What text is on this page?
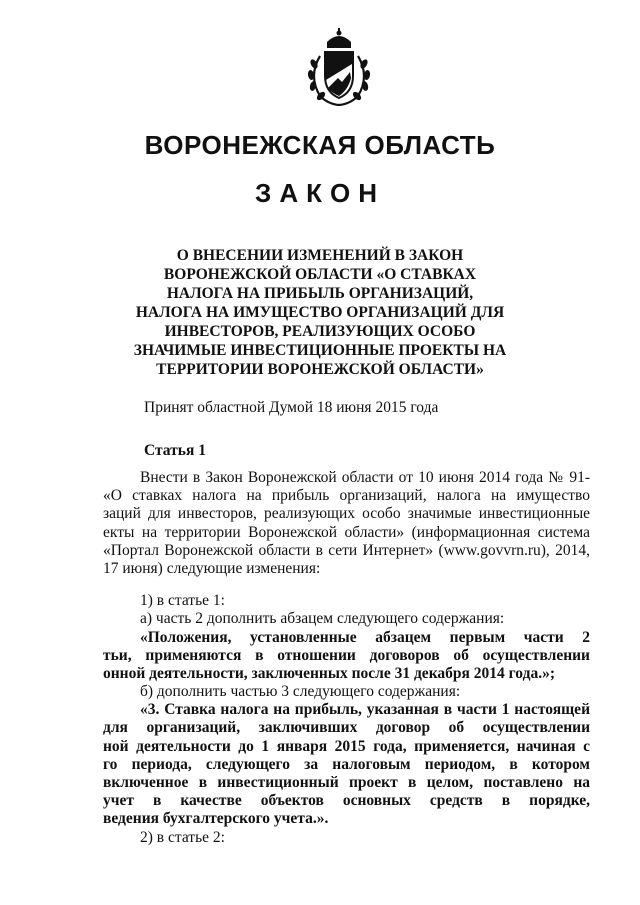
ВОРОНЕЖСКАЯ ОБЛАСТЬ
ЗАКОН
О ВНЕСЕНИИ ИЗМЕНЕНИЙ В ЗАКОН
ВОРОНЕЖСКОЙ ОБЛАСТИ «О СТАВКАХ
НАЛОГА НА ПРИБЫЛЬ ОРГАНИЗАЦИЙ,
НАЛОГА НА ИМУЩЕСТВО ОРГАНИЗАЦИЙ ДЛЯ
ИНВЕСТОРОВ, РЕАЛИЗУЮЩИХ ОСОБО
ЗНАЧИМЫЕ ИНВЕСТИЦИОННЫЕ ПРОЕКТЫ НА
ТЕРРИТОРИИ ВОРОНЕЖСКОЙ ОБЛАСТИ»
Принят областной Думой 18 июня 2015 года
Статья 1
Внести в Закон Воронежской области от 10 июня 2014 года № 91-
«О ставках налога на прибыль организаций, налога на имущество
заций для инвесторов, реализующих особо значимые инвестиционные
екты на территории Воронежской области» (информационная система
«Портал Воронежской области в сети Интернет» (www.govvrn.ru), 2014,
17 июня) следующие изменения:
1) в статье 1:
а) часть 2 дополнить абзацем следующего содержания:
«Положения, установленные абзацем первым части 2
тьи, применяются в отношении договоров об осуществлении
онной деятельности, заключенных после 31 декабря 2014 года.»;
б) дополнить частью 3 следующего содержания:
«3. Ставка налога на прибыль, указанная в части 1 настоящей
для организаций, заключивших договор об осуществлении
ной деятельности до 1 января 2015 года, применяется, начиная с
го периода, следующего за налоговым периодом, в котором
включенное в инвестиционный проект в целом, поставлено на
учет в качестве объектов основных средств в порядке,
ведения бухгалтерского учета.».
2) в статье 2:
